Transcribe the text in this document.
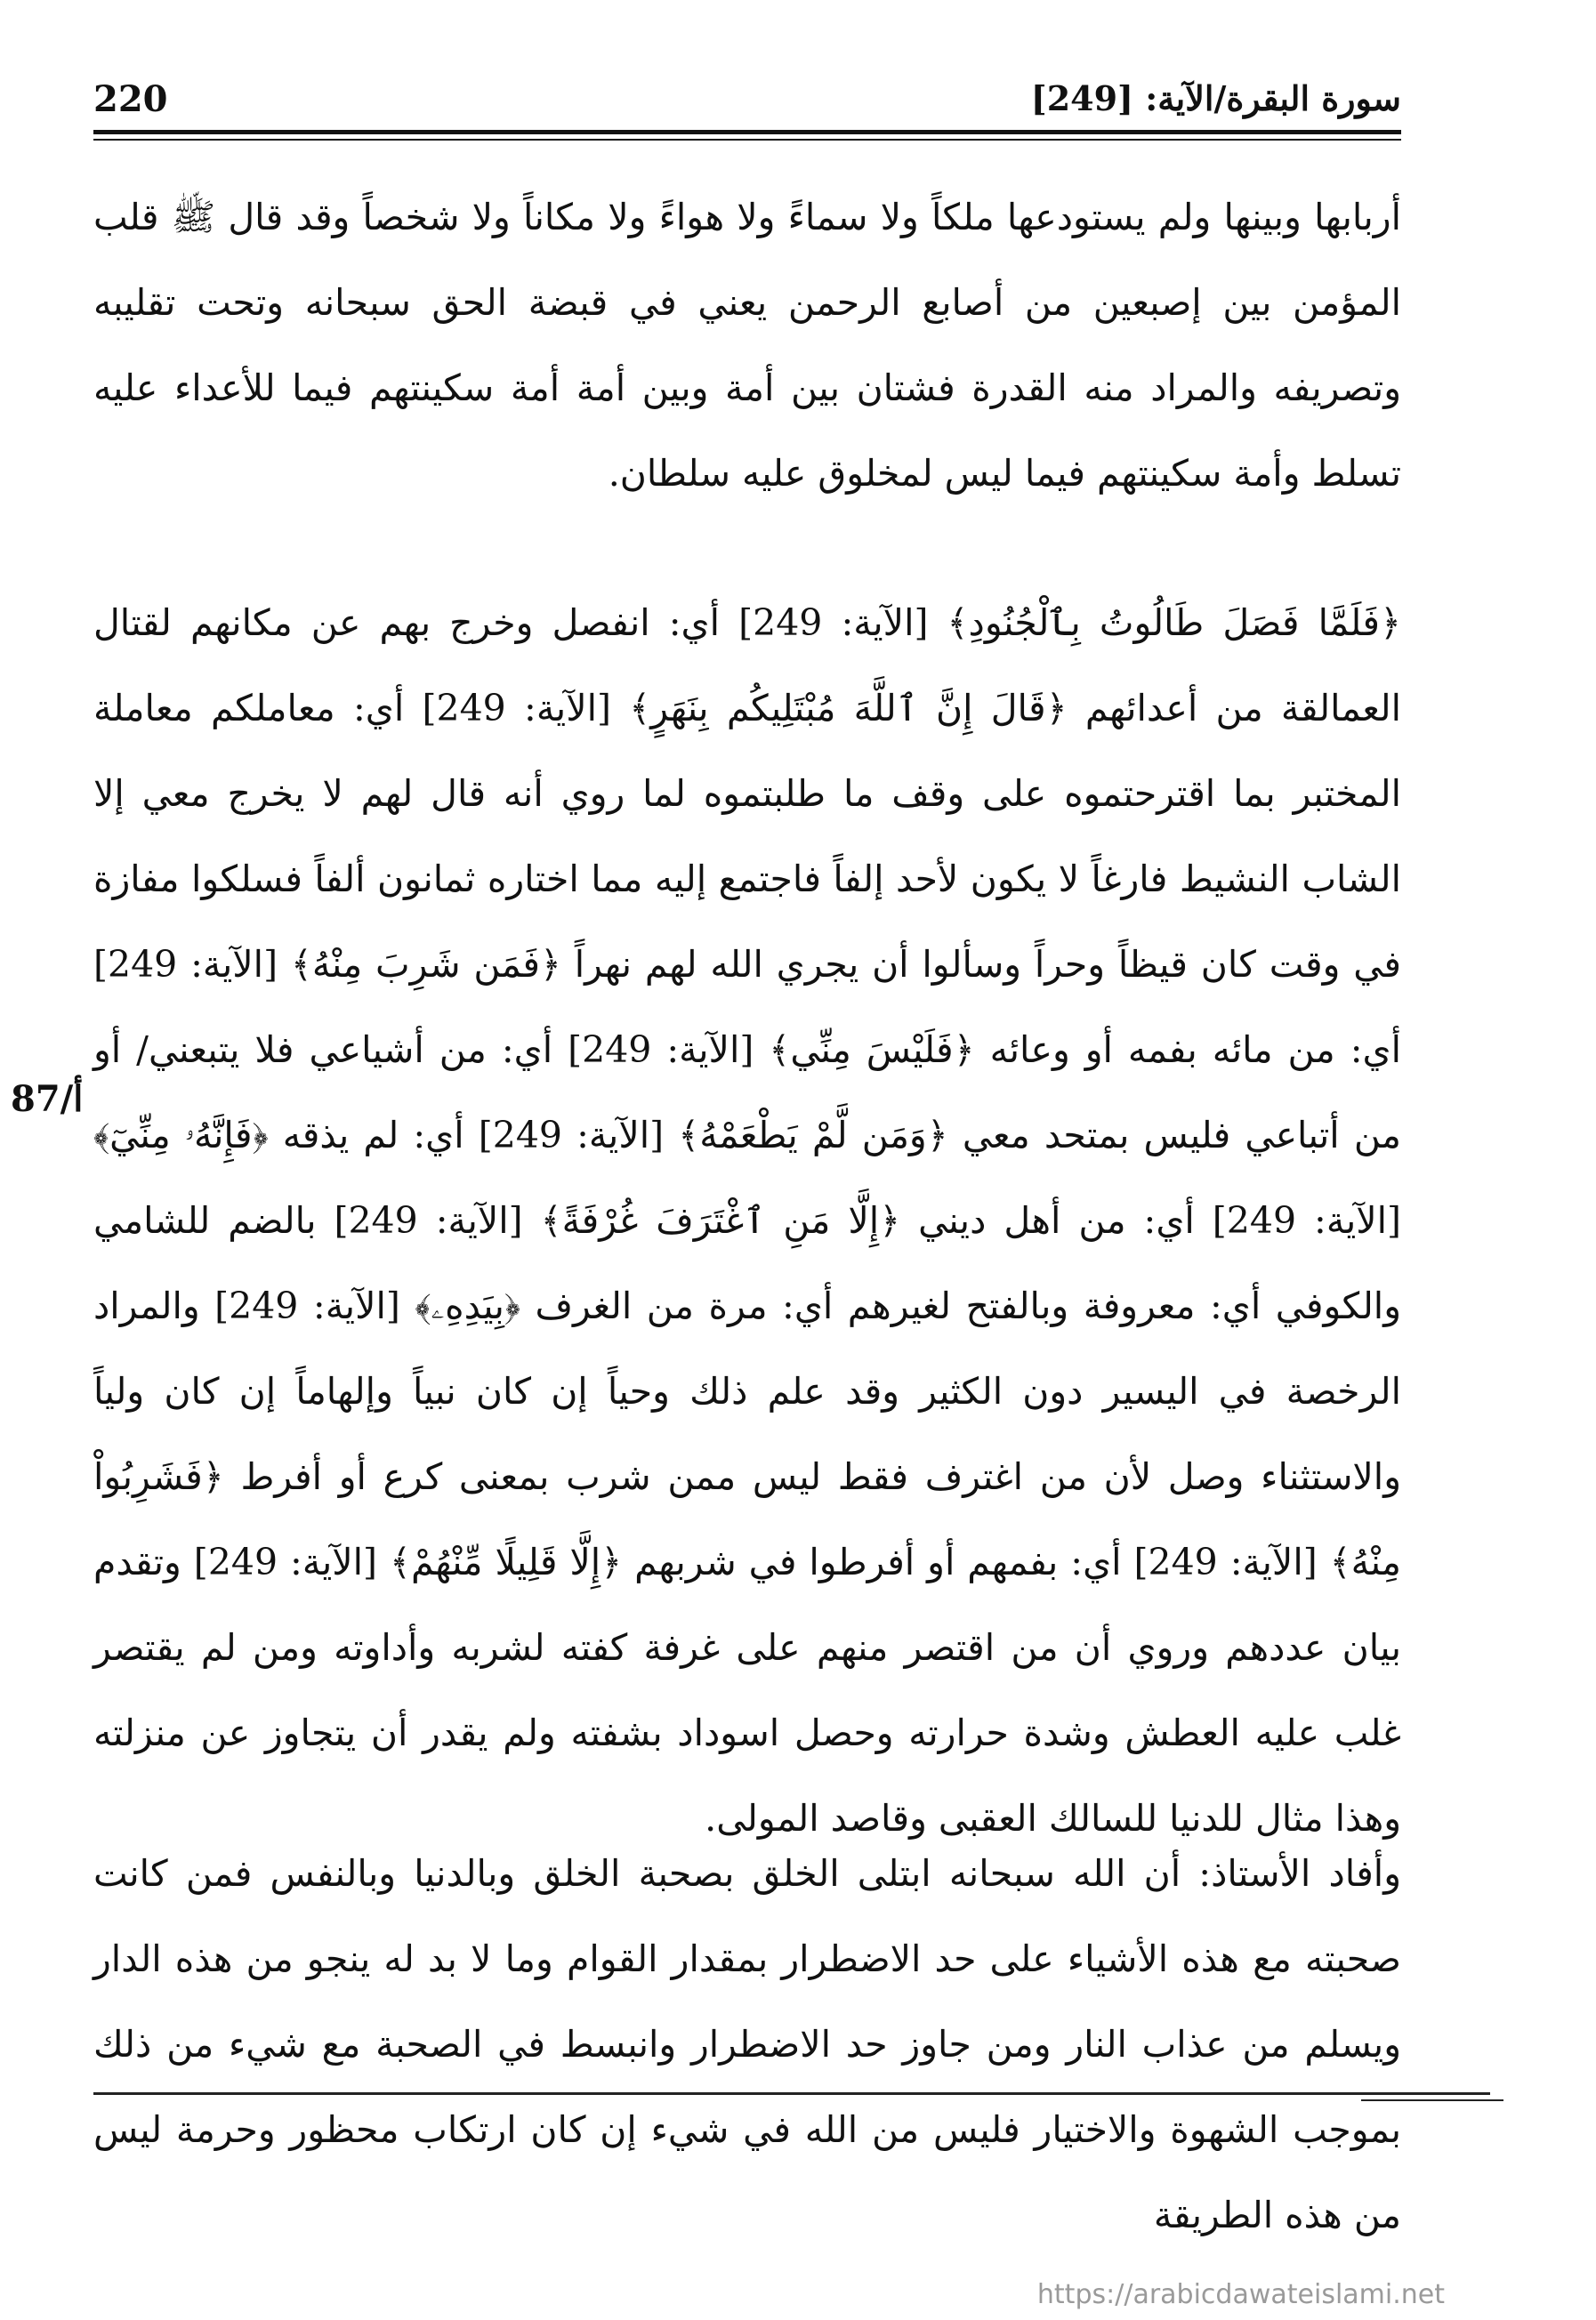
220	سورة البقرة/الآية: [249]

أربابها وبينها ولم يستودعها ملكاً ولا سماءً ولا هواءً ولا مكاناً ولا شخصاً وقد قال ﷺ قلب المؤمن بين إصبعين من أصابع الرحمن يعني في قبضة الحق سبحانه وتحت تقليبه وتصريفه والمراد منه القدرة فشتان بين أمة وبين أمة أمة سكينتهم فيما للأعداء عليه تسلط وأمة سكينتهم فيما ليس لمخلوق عليه سلطان.

﴿فَلَمَّا فَصَلَ طَالُوتُ بِٱلْجُنُودِ﴾ [الآية: 249] أي: انفصل وخرج بهم عن مكانهم لقتال العمالقة من أعدائهم ﴿قَالَ إِنَّ ٱللَّهَ مُبْتَلِيكُم بِنَهَرٍ﴾ [الآية: 249] أي: معاملكم معاملة المختبر بما اقترحتموه على وقف ما طلبتموه لما روي أنه قال لهم لا يخرج معي إلا الشاب النشيط فارغاً لا يكون لأحد إلفاً فاجتمع إليه مما اختاره ثمانون ألفاً فسلكوا مفازة في وقت كان قيظاً وحراً وسألوا أن يجري الله لهم نهراً ﴿فَمَن شَرِبَ مِنْهُ﴾ [الآية: 249] أي: من مائه بفمه أو وعائه ﴿فَلَيْسَ مِنِّي﴾ [الآية: 249] أي: من أشياعي فلا يتبعني/ أو من أتباعي فليس بمتحد معي ﴿وَمَن لَّمْ يَطْعَمْهُ﴾ [الآية: 249] أي: لم يذقه ﴿فَإِنَّهُۥ مِنِّيٓ﴾ [الآية: 249] أي: من أهل ديني ﴿إِلَّا مَنِ ٱغْتَرَفَ غُرْفَةً﴾ [الآية: 249] بالضم للشامي والكوفي أي: معروفة وبالفتح لغيرهم أي: مرة من الغرف ﴿بِيَدِهِۦ﴾ [الآية: 249] والمراد الرخصة في اليسير دون الكثير وقد علم ذلك وحياً إن كان نبياً وإلهاماً إن كان ولياً والاستثناء وصل لأن من اغترف فقط ليس ممن شرب بمعنى كرع أو أفرط ﴿فَشَرِبُواْ مِنْهُ﴾ [الآية: 249] أي: بفمهم أو أفرطوا في شربهم ﴿إِلَّا قَلِيلًا مِّنْهُمْ﴾ [الآية: 249] وتقدم بيان عددهم وروي أن من اقتصر منهم على غرفة كفته لشربه وأداوته ومن لم يقتصر غلب عليه العطش وشدة حرارته وحصل اسوداد بشفته ولم يقدر أن يتجاوز عن منزلته وهذا مثال للدنيا للسالك العقبى وقاصد المولى.

87/أ

وأفاد الأستاذ: أن الله سبحانه ابتلى الخلق بصحبة الخلق وبالدنيا وبالنفس فمن كانت صحبته مع هذه الأشياء على حد الاضطرار بمقدار القوام وما لا بد له ينجو من هذه الدار ويسلم من عذاب النار ومن جاوز حد الاضطرار وانبسط في الصحبة مع شيء من ذلك بموجب الشهوة والاختيار فليس من الله في شيء إن كان ارتكاب محظور وحرمة ليس من هذه الطريقة

https://arabicdawateislami.net
